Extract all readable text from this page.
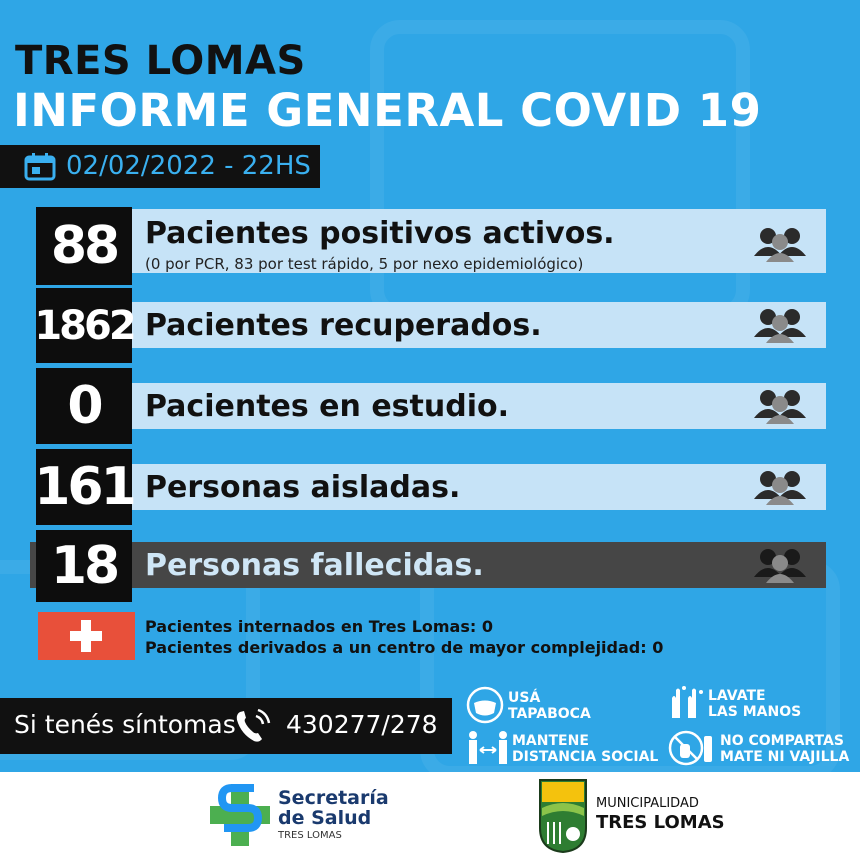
TRES LOMAS
INFORME GENERAL COVID 19
02/02/2022 - 22HS
88 Pacientes positivos activos.
(0 por PCR, 83 por test rápido, 5 por nexo epidemiológico)
1862 Pacientes recuperados.
0	Pacientes en estudio.
161 Personas aisladas.
18 Personas fallecidas.
Pacientes internados en Tres Lomas: 0
Pacientes derivados a un centro de mayor complejidad: 0
Si tenés síntomas 430277/278
USÁ
TAPABOCA
LAVATE
LAS MANOS
MANTENE
DISTANCIA SOCIAL
NO COMPARTAS
MATE NI VAJILLA
Secretaría
de Salud
TRES LOMAS
MUNICIPALIDAD
TRES LOMAS
